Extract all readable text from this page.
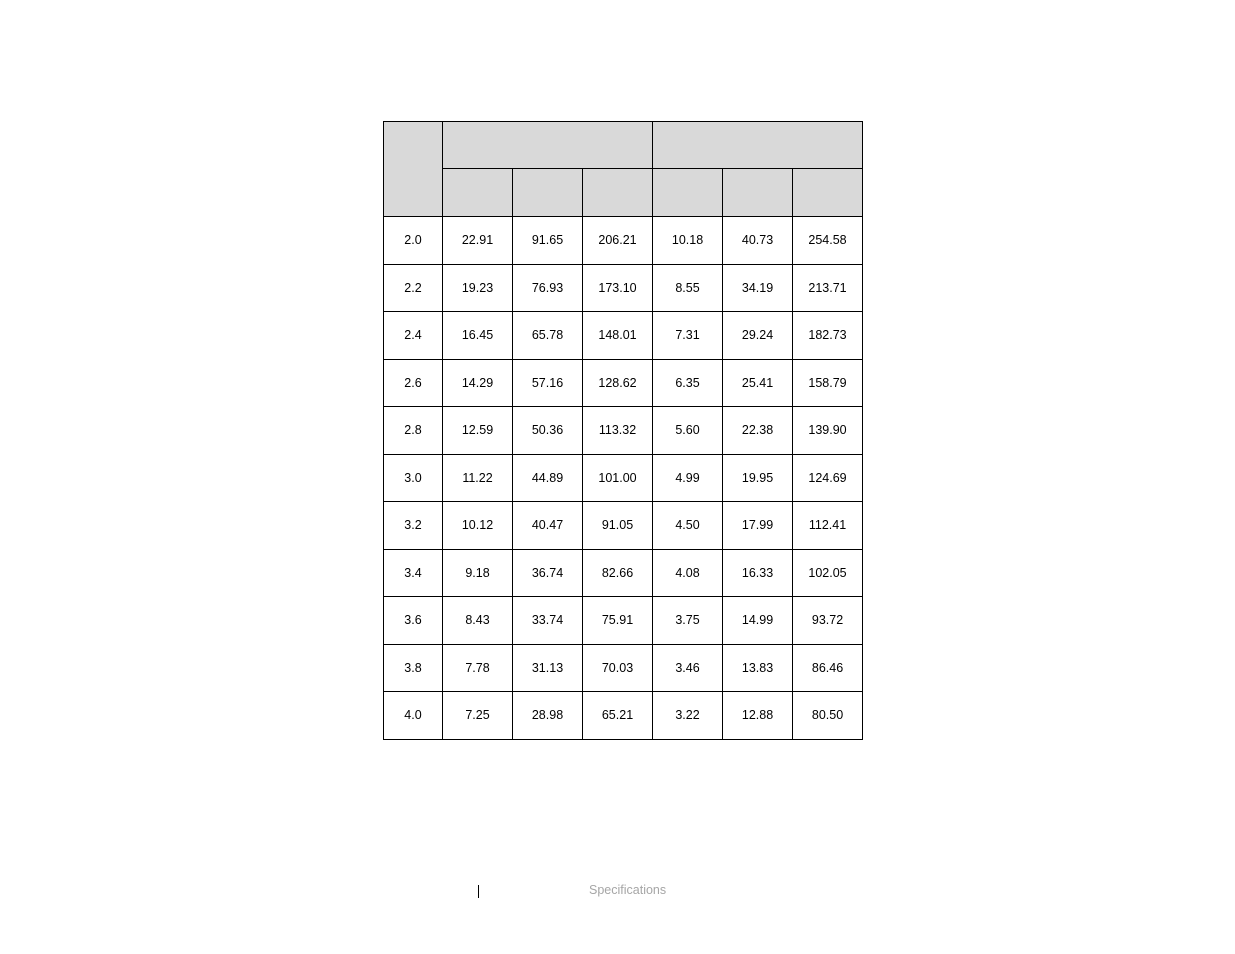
2.0	22.91	91.65	206.21	10.18	40.73	254.58
2.2	19.23	76.93	173.10	8.55	34.19	213.71
2.4	16.45	65.78	148.01	7.31	29.24	182.73
2.6	14.29	57.16	128.62	6.35	25.41	158.79
2.8	12.59	50.36	113.32	5.60	22.38	139.90
3.0	11.22	44.89	101.00	4.99	19.95	124.69
3.2	10.12	40.47	91.05	4.50	17.99	112.41
3.4	9.18	36.74	82.66	4.08	16.33	102.05
3.6	8.43	33.74	75.91	3.75	14.99	93.72
3.8	7.78	31.13	70.03	3.46	13.83	86.46
4.0	7.25	28.98	65.21	3.22	12.88	80.50
Specifications
